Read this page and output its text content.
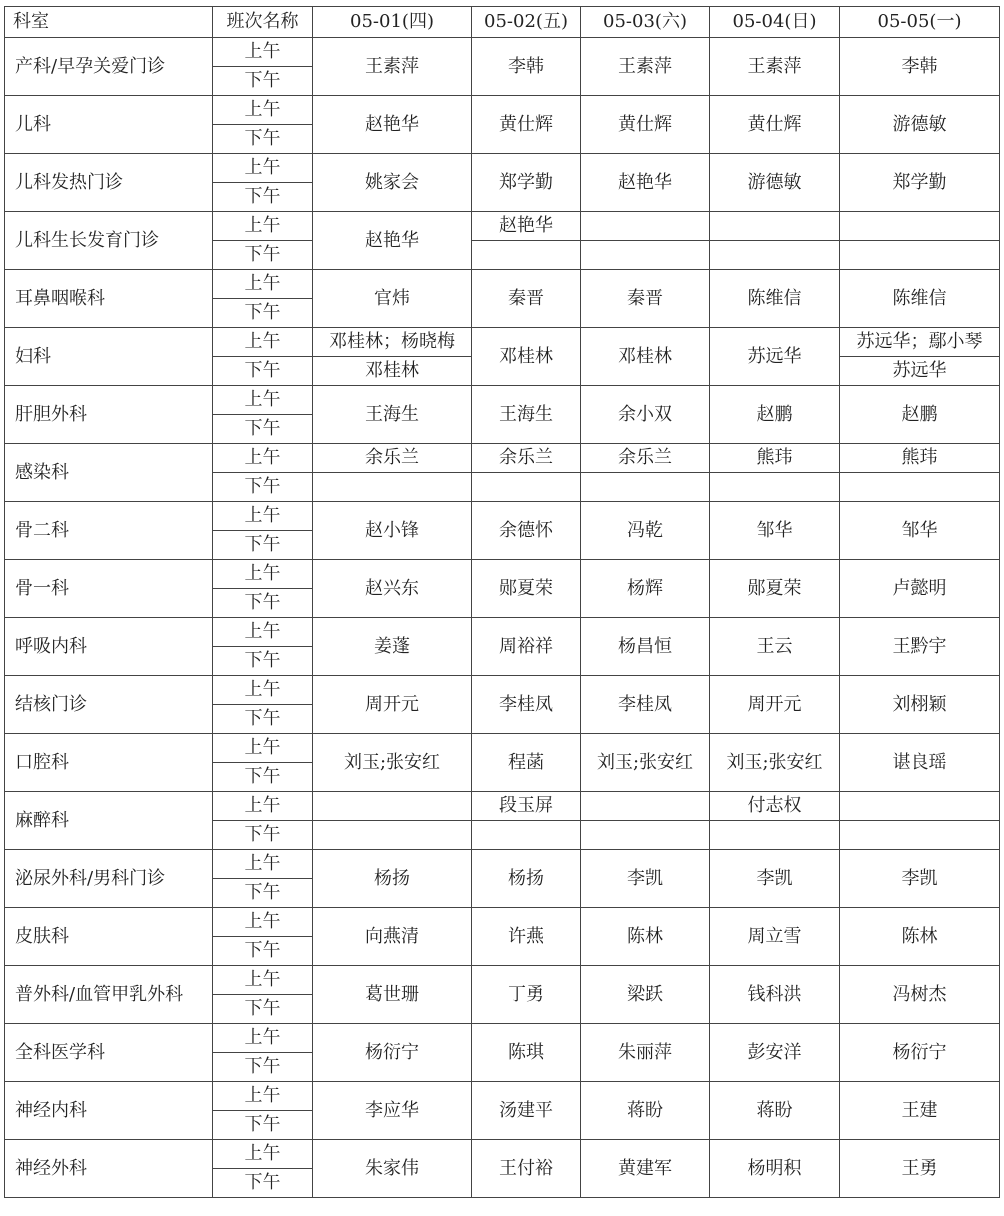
科室	班次名称	05-01(四)	05-02(五)	05-03(六)	05-04(日)	05-05(一)
产科/早孕关爱门诊	上午	王素萍	李韩	王素萍	王素萍	李韩
	下午					
儿科	上午	赵艳华	黄仕辉	黄仕辉	黄仕辉	游德敏
	下午					
儿科发热门诊	上午	姚家会	郑学勤	赵艳华	游德敏	郑学勤
	下午					
儿科生长发育门诊	上午	赵艳华	赵艳华			
	下午					
耳鼻咽喉科	上午	官炜	秦晋	秦晋	陈维信	陈维信
	下午					
妇科	上午	邓桂林；杨晓梅	邓桂林	邓桂林	苏远华	苏远华；鄢小琴
	下午	邓桂林				苏远华
肝胆外科	上午	王海生	王海生	余小双	赵鹏	赵鹏
	下午					
感染科	上午	余乐兰	余乐兰	余乐兰	熊玮	熊玮
	下午					
骨二科	上午	赵小锋	余德怀	冯乾	邹华	邹华
	下午					
骨一科	上午	赵兴东	郧夏荣	杨辉	郧夏荣	卢懿明
	下午					
呼吸内科	上午	姜蓬	周裕祥	杨昌恒	王云	王黔宇
	下午					
结核门诊	上午	周开元	李桂凤	李桂凤	周开元	刘栩颖
	下午					
口腔科	上午	刘玉;张安红	程菡	刘玉;张安红	刘玉;张安红	谌良瑶
	下午					
麻醉科	上午		段玉屏		付志权	
	下午					
泌尿外科/男科门诊	上午	杨扬	杨扬	李凯	李凯	李凯
	下午					
皮肤科	上午	向燕清	许燕	陈林	周立雪	陈林
	下午					
普外科/血管甲乳外科	上午	葛世珊	丁勇	梁跃	钱科洪	冯树杰
	下午					
全科医学科	上午	杨衍宁	陈琪	朱丽萍	彭安洋	杨衍宁
	下午					
神经内科	上午	李应华	汤建平	蒋盼	蒋盼	王建
	下午					
神经外科	上午	朱家伟	王付裕	黄建军	杨明积	王勇
	下午					
